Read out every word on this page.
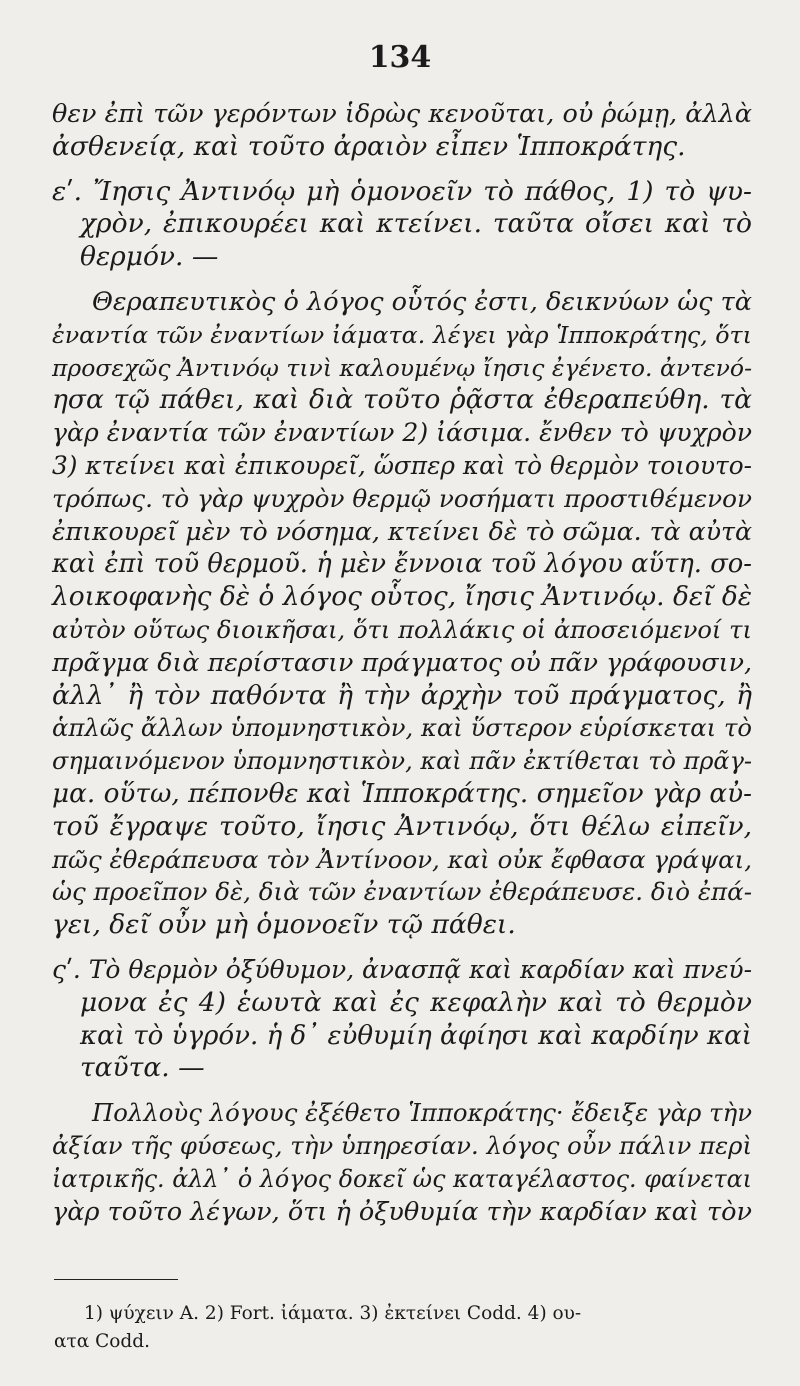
134
θεν ἐπὶ τῶν γερόντων ἱδρὼς κενοῦται, οὐ ῥώμῃ, ἀλλὰ
ἀσθενείᾳ, καὶ τοῦτο ἀραιὸν εἶπεν Ἱπποκράτης.
εʹ. Ἴησις Ἀντινόῳ μὴ ὁμονοεῖν τὸ πάθος, 1) τὸ ψυ-
χρὸν, ἐπικουρέει καὶ κτείνει. ταῦτα οἴσει καὶ τὸ
θερμόν. —
Θεραπευτικὸς ὁ λόγος οὗτός ἐστι, δεικνύων ὡς τὰ
ἐναντία τῶν ἐναντίων ἰάματα. λέγει γὰρ Ἱπποκράτης, ὅτι
προσεχῶς Ἀντινόῳ τινὶ καλουμένῳ ἴησις ἐγένετο. ἀντενό-
ησα τῷ πάθει, καὶ διὰ τοῦτο ῥᾷστα ἐθεραπεύθη. τὰ
γὰρ ἐναντία τῶν ἐναντίων 2) ἰάσιμα. ἔνθεν τὸ ψυχρὸν
3) κτείνει καὶ ἐπικουρεῖ, ὥσπερ καὶ τὸ θερμὸν τοιουτο-
τρόπως. τὸ γὰρ ψυχρὸν θερμῷ νοσήματι προστιθέμενον
ἐπικουρεῖ μὲν τὸ νόσημα, κτείνει δὲ τὸ σῶμα. τὰ αὐτὰ
καὶ ἐπὶ τοῦ θερμοῦ. ἡ μὲν ἔννοια τοῦ λόγου αὕτη. σο-
λοικοφανὴς δὲ ὁ λόγος οὗτος, ἴησις Ἀντινόῳ. δεῖ δὲ
αὐτὸν οὕτως διοικῆσαι, ὅτι πολλάκις οἱ ἀποσειόμενοί τι
πρᾶγμα διὰ περίστασιν πράγματος οὐ πᾶν γράφουσιν,
ἀλλ᾽ ἢ τὸν παθόντα ἢ τὴν ἀρχὴν τοῦ πράγματος, ἢ
ἁπλῶς ἄλλων ὑπομνηστικὸν, καὶ ὕστερον εὑρίσκεται τὸ
σημαινόμενον ὑπομνηστικὸν, καὶ πᾶν ἐκτίθεται τὸ πρᾶγ-
μα. οὕτω, πέπονθε καὶ Ἱπποκράτης. σημεῖον γὰρ αὐ-
τοῦ ἔγραψε τοῦτο, ἴησις Ἀντινόῳ, ὅτι θέλω εἰπεῖν,
πῶς ἐθεράπευσα τὸν Ἀντίνοον, καὶ οὐκ ἔφθασα γράψαι,
ὡς προεῖπον δὲ, διὰ τῶν ἐναντίων ἐθεράπευσε. διὸ ἐπά-
γει, δεῖ οὖν μὴ ὁμονοεῖν τῷ πάθει.
ςʹ. Τὸ θερμὸν ὀξύθυμον, ἀνασπᾷ καὶ καρδίαν καὶ πνεύ-
μονα ἐς 4) ἑωυτὰ καὶ ἐς κεφαλὴν καὶ τὸ θερμὸν
καὶ τὸ ὑγρόν. ἡ δ᾽ εὐθυμίη ἀφίησι καὶ καρδίην καὶ
ταῦτα. —
Πολλοὺς λόγους ἐξέθετο Ἱπποκράτης· ἔδειξε γὰρ τὴν
ἀξίαν τῆς φύσεως, τὴν ὑπηρεσίαν. λόγος οὖν πάλιν περὶ
ἰατρικῆς. ἀλλ᾽ ὁ λόγος δοκεῖ ὡς καταγέλαστος. φαίνεται
γὰρ τοῦτο λέγων, ὅτι ἡ ὀξυθυμία τὴν καρδίαν καὶ τὸν
1) ψύχειν A. 2) Fort. ἰάματα. 3) ἐκτείνει Codd. 4) ου-
ατα Codd.
